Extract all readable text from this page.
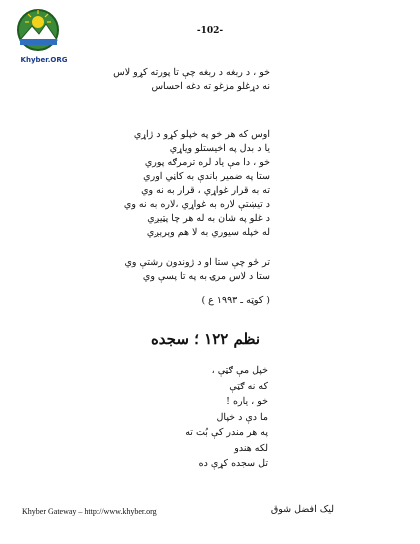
Khyber.ORG
-102-
خو ، د ربغه د ربغه چې تا پورته کړو لاس
نه دړغلو مزغو ته دغه احساس
اوس که هر خو په خپلو کړو د ژاړي
یا د بدل په اخیستلو وياړي
خو ، دا مې یاد لره ترمرګه پوري
ستا په ضمیر باندې به کاڼي اوري
ته به قرار غواړي ، قرار به نه وي
د تیښتې لاره به غواړي ،لاره به نه وي
د غلو په شان به له هر چا پټیږي
له خپله سیوري به لا هم وېرېږي
تر څو چې ستا او د ژوندون رشتې وي
ستا د لاس مرۍ به په تا پسې وي
( کوټه ـ ۱۹۹۳ ع )
نظم ۱۲۲ ؛ سجده
خپل مې ګټې ،
که نه ګټې
خو ، یاره !
ما دې د خپال
په هر مندر کې بُت ته
لکه هندو
تل سجده کړې ده
Khyber Gateway – http://www.khyber.org	لیک افضل شوق
